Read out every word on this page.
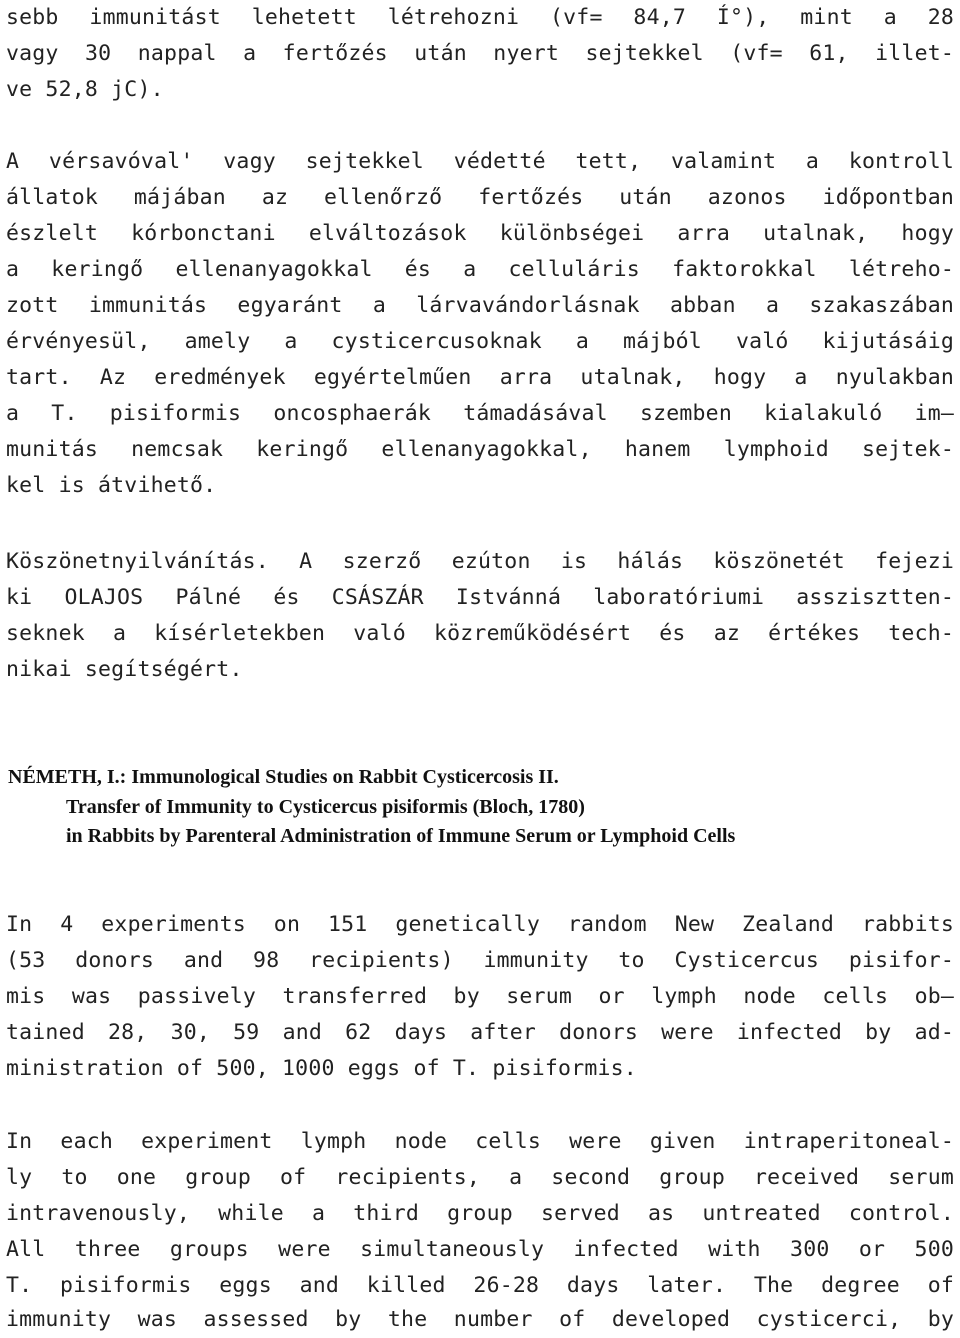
sebb immunitást lehetett létrehozni (vf= 84,7 Í°), mint a 28
vagy 30 nappal a fertőzés után nyert sejtekkel (vf= 61, illet-
ve 52,8 jC).
A vérsavóval' vagy sejtekkel védetté tett, valamint a kontroll
állatok májában az ellenőrző fertőzés után azonos időpontban
észlelt kórbonctani elváltozások különbségei arra utalnak, hogy
a keringő ellenanyagokkal és a celluláris faktorokkal létreho-
zott immunitás egyaránt a lárvavándorlásnak abban a szakaszában
érvényesül, amely a cysticercusoknak a májból való kijutásáig
tart. Az eredmények egyértelműen arra utalnak, hogy a nyulakban
a T. pisiformis oncosphaerák támadásával szemben kialakuló im—
munitás nemcsak keringő ellenanyagokkal, hanem lymphoid sejtek-
kel is átvihető.
Köszönetnyilvánítás. A szerző ezúton is hálás köszönetét fejezi
ki OLAJOS Pálné és CSÁSZÁR Istvánná laboratóriumi asszisztten-
seknek a kísérletekben való közreműködésért és az értékes tech-
nikai segítségért.
NÉMETH, I.: Immunological Studies on Rabbit Cysticercosis II.
Transfer of Immunity to Cysticercus pisiformis (Bloch, 1780)
in Rabbits by Parenteral Administration of Immune Serum or Lymphoid Cells
In 4 experiments on 151 genetically random New Zealand rabbits
(53 donors and 98 recipients) immunity to Cysticercus pisifor-
mis was passively transferred by serum or lymph node cells ob—
tained 28, 30, 59 and 62 days after donors were infected by ad-
ministration of 500, 1000 eggs of T. pisiformis.
In each experiment lymph node cells were given intraperitoneal-
ly to one group of recipients, a second group received serum
intravenously, while a third group served as untreated control.
All three groups were simultaneously infected with 300 or 500
T. pisiformis eggs and killed 26-28 days later. The degree of
immunity was assessed by the number of developed cysticerci, by
